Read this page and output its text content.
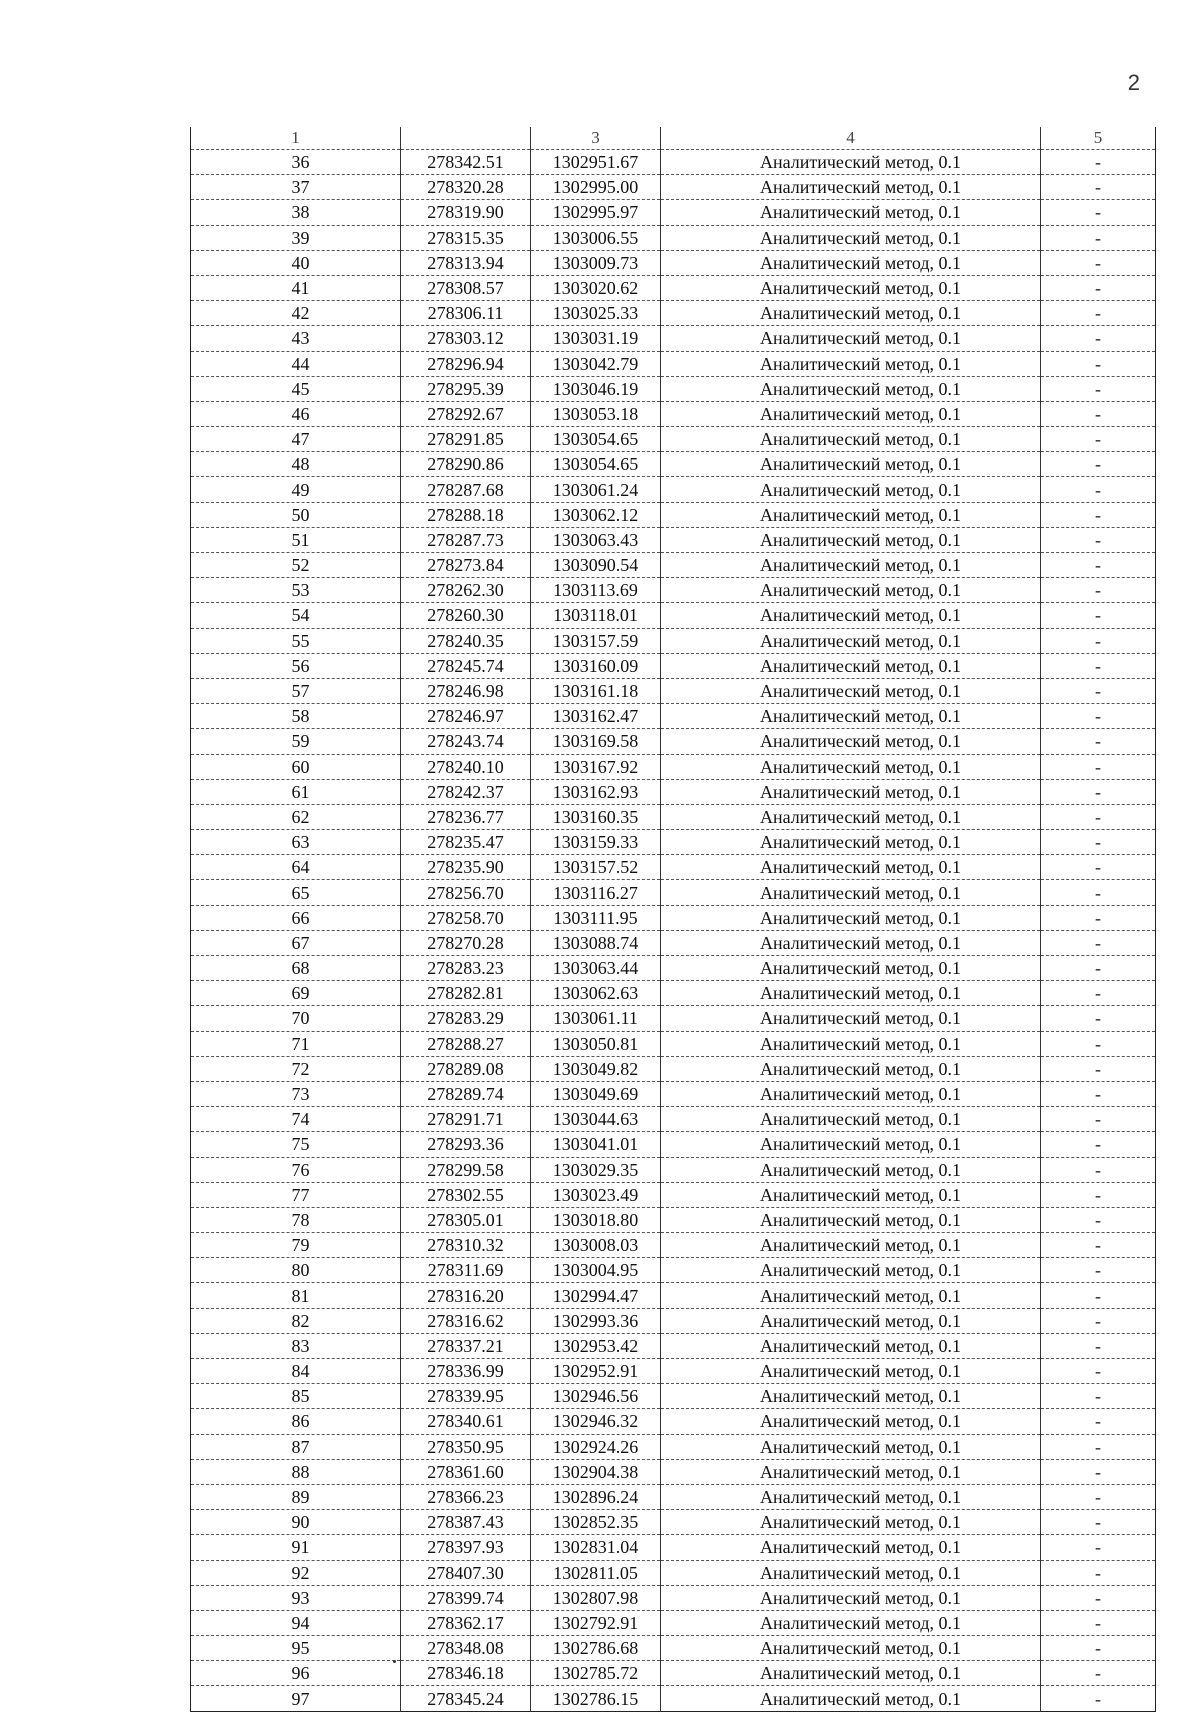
2
1		3	4	5
36	278342.51	1302951.67	Аналитический метод, 0.1	-
37	278320.28	1302995.00	Аналитический метод, 0.1	-
38	278319.90	1302995.97	Аналитический метод, 0.1	-
39	278315.35	1303006.55	Аналитический метод, 0.1	-
40	278313.94	1303009.73	Аналитический метод, 0.1	-
41	278308.57	1303020.62	Аналитический метод, 0.1	-
42	278306.11	1303025.33	Аналитический метод, 0.1	-
43	278303.12	1303031.19	Аналитический метод, 0.1	-
44	278296.94	1303042.79	Аналитический метод, 0.1	-
45	278295.39	1303046.19	Аналитический метод, 0.1	-
46	278292.67	1303053.18	Аналитический метод, 0.1	-
47	278291.85	1303054.65	Аналитический метод, 0.1	-
48	278290.86	1303054.65	Аналитический метод, 0.1	-
49	278287.68	1303061.24	Аналитический метод, 0.1	-
50	278288.18	1303062.12	Аналитический метод, 0.1	-
51	278287.73	1303063.43	Аналитический метод, 0.1	-
52	278273.84	1303090.54	Аналитический метод, 0.1	-
53	278262.30	1303113.69	Аналитический метод, 0.1	-
54	278260.30	1303118.01	Аналитический метод, 0.1	-
55	278240.35	1303157.59	Аналитический метод, 0.1	-
56	278245.74	1303160.09	Аналитический метод, 0.1	-
57	278246.98	1303161.18	Аналитический метод, 0.1	-
58	278246.97	1303162.47	Аналитический метод, 0.1	-
59	278243.74	1303169.58	Аналитический метод, 0.1	-
60	278240.10	1303167.92	Аналитический метод, 0.1	-
61	278242.37	1303162.93	Аналитический метод, 0.1	-
62	278236.77	1303160.35	Аналитический метод, 0.1	-
63	278235.47	1303159.33	Аналитический метод, 0.1	-
64	278235.90	1303157.52	Аналитический метод, 0.1	-
65	278256.70	1303116.27	Аналитический метод, 0.1	-
66	278258.70	1303111.95	Аналитический метод, 0.1	-
67	278270.28	1303088.74	Аналитический метод, 0.1	-
68	278283.23	1303063.44	Аналитический метод, 0.1	-
69	278282.81	1303062.63	Аналитический метод, 0.1	-
70	278283.29	1303061.11	Аналитический метод, 0.1	-
71	278288.27	1303050.81	Аналитический метод, 0.1	-
72	278289.08	1303049.82	Аналитический метод, 0.1	-
73	278289.74	1303049.69	Аналитический метод, 0.1	-
74	278291.71	1303044.63	Аналитический метод, 0.1	-
75	278293.36	1303041.01	Аналитический метод, 0.1	-
76	278299.58	1303029.35	Аналитический метод, 0.1	-
77	278302.55	1303023.49	Аналитический метод, 0.1	-
78	278305.01	1303018.80	Аналитический метод, 0.1	-
79	278310.32	1303008.03	Аналитический метод, 0.1	-
80	278311.69	1303004.95	Аналитический метод, 0.1	-
81	278316.20	1302994.47	Аналитический метод, 0.1	-
82	278316.62	1302993.36	Аналитический метод, 0.1	-
83	278337.21	1302953.42	Аналитический метод, 0.1	-
84	278336.99	1302952.91	Аналитический метод, 0.1	-
85	278339.95	1302946.56	Аналитический метод, 0.1	-
86	278340.61	1302946.32	Аналитический метод, 0.1	-
87	278350.95	1302924.26	Аналитический метод, 0.1	-
88	278361.60	1302904.38	Аналитический метод, 0.1	-
89	278366.23	1302896.24	Аналитический метод, 0.1	-
90	278387.43	1302852.35	Аналитический метод, 0.1	-
91	278397.93	1302831.04	Аналитический метод, 0.1	-
92	278407.30	1302811.05	Аналитический метод, 0.1	-
93	278399.74	1302807.98	Аналитический метод, 0.1	-
94	278362.17	1302792.91	Аналитический метод, 0.1	-
95	278348.08	1302786.68	Аналитический метод, 0.1	-
96	278346.18	1302785.72	Аналитический метод, 0.1	-
97	278345.24	1302786.15	Аналитический метод, 0.1	-
